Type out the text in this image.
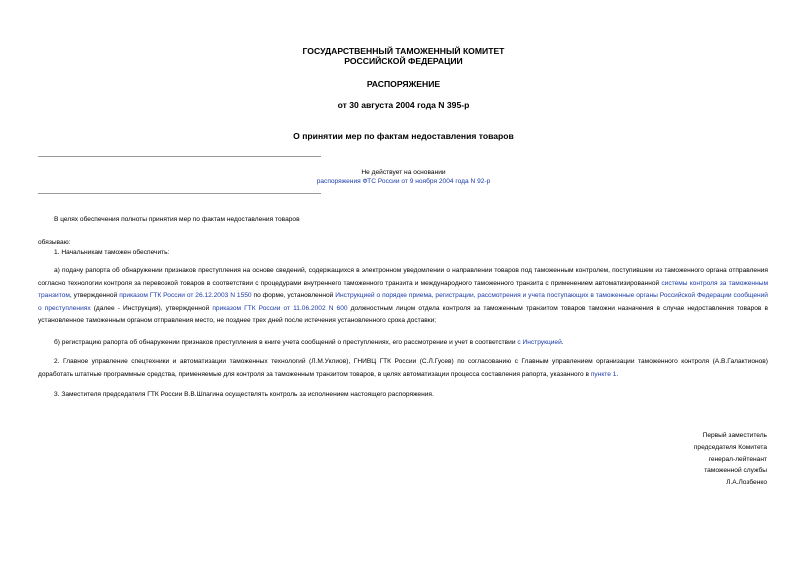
ГОСУДАРСТВЕННЫЙ ТАМОЖЕННЫЙ КОМИТЕТ
РОССИЙСКОЙ ФЕДЕРАЦИИ
РАСПОРЯЖЕНИЕ
от 30 августа 2004 года N 395-р
О принятии мер по фактам недоставления товаров
Не действует на основании
распоряжения ФТС России от 9 ноября 2004 года N 92-р
В целях обеспечения полноты принятия мер по фактам недоставления товаров
обязываю:
1. Начальникам таможен обеспечить:
а) подачу рапорта об обнаружении признаков преступления на основе сведений, содержащихся в электронном уведомлении о направлении товаров под таможенным контролем, поступившем из таможенного органа отправления согласно технологии контроля за перевозкой товаров в соответствии с процедурами внутреннего таможенного транзита и международного таможенного транзита с применением автоматизированной системы контроля за таможенным транзитом, утвержденной приказом ГТК России от 26.12.2003 N 1550 по форме, установленной Инструкцией о порядке приема, регистрации, рассмотрения и учета поступающих в таможенные органы Российской Федерации сообщений о преступлениях (далее - Инструкция), утвержденной приказом ГТК России от 11.06.2002 N 600 должностным лицом отдела контроля за таможенным транзитом товаров таможни назначения в случае недоставления товаров в установленное таможенным органом отправления место, не позднее трех дней после истечения установленного срока доставки;
б) регистрацию рапорта об обнаружении признаков преступления в книге учета сообщений о преступлениях, его рассмотрение и учет в соответствии с Инструкцией.
2. Главное управление спецтехники и автоматизации таможенных технологий (Л.М.Уклиов), ГНИВЦ ГТК России (С.Л.Гусев) по согласованию с Главным управлением организации таможенного контроля (А.В.Галактионов) доработать штатные программные средства, применяемые для контроля за таможенным транзитом товаров, в целях автоматизации процесса составления рапорта, указанного в пункте 1.
3. Заместителя председателя ГТК России В.В.Шпагина осуществлять контроль за исполнением настоящего распоряжения.
Первый заместитель
председателя Комитета
генерал-лейтенант
таможенной службы
Л.А.Лозбенко
